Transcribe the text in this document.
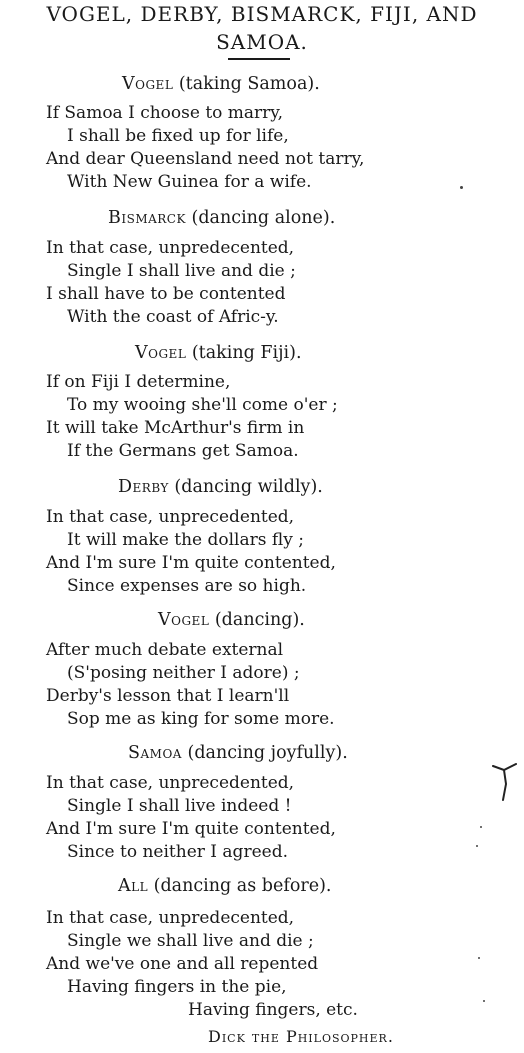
VOGEL, DERBY, BISMARCK, FIJI, AND
SAMOA.
Vogel (taking Samoa).
If Samoa I choose to marry,
I shall be fixed up for life,
And dear Queensland need not tarry,
With New Guinea for a wife.
Bismarck (dancing alone).
In that case, unpredecented,
Single I shall live and die ;
I shall have to be contented
With the coast of Afric-y.
Vogel (taking Fiji).
If on Fiji I determine,
To my wooing she'll come o'er ;
It will take McArthur's firm in
If the Germans get Samoa.
Derby (dancing wildly).
In that case, unprecedented,
It will make the dollars fly ;
And I'm sure I'm quite contented,
Since expenses are so high.
Vogel (dancing).
After much debate external
(S'posing neither I adore) ;
Derby's lesson that I learn'll
Sop me as king for some more.
Samoa (dancing joyfully).
In that case, unprecedented,
Single I shall live indeed !
And I'm sure I'm quite contented,
Since to neither I agreed.
All (dancing as before).
In that case, unpredecented,
Single we shall live and die ;
And we've one and all repented
Having fingers in the pie,
Having fingers, etc.
Dick the Philosopher.
